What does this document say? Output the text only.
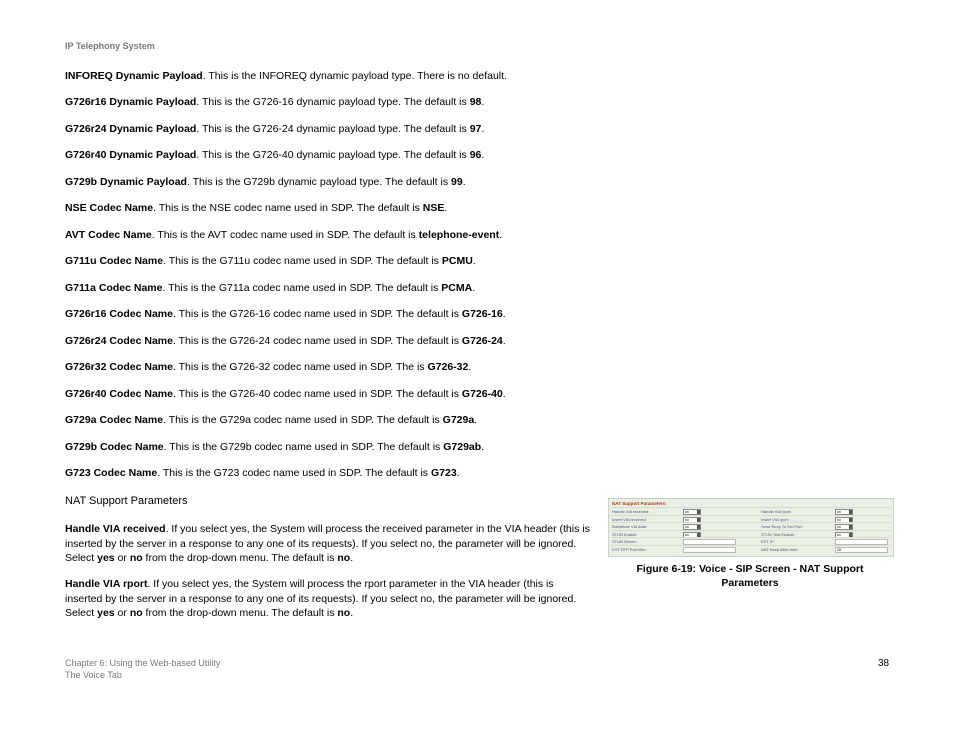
IP Telephony System
INFOREQ Dynamic Payload. This is the INFOREQ dynamic payload type. There is no default.
G726r16 Dynamic Payload. This is the G726-16 dynamic payload type. The default is 98.
G726r24 Dynamic Payload. This is the G726-24 dynamic payload type. The default is 97.
G726r40 Dynamic Payload. This is the G726-40 dynamic payload type. The default is 96.
G729b Dynamic Payload. This is the G729b dynamic payload type. The default is 99.
NSE Codec Name. This is the NSE codec name used in SDP. The default is NSE.
AVT Codec Name. This is the AVT codec name used in SDP. The default is telephone-event.
G711u Codec Name. This is the G711u codec name used in SDP. The default is PCMU.
G711a Codec Name. This is the G711a codec name used in SDP. The default is PCMA.
G726r16 Codec Name. This is the G726-16 codec name used in SDP. The default is G726-16.
G726r24 Codec Name. This is the G726-24 codec name used in SDP. The default is G726-24.
G726r32 Codec Name. This is the G726-32 codec name used in SDP. The is G726-32.
G726r40 Codec Name. This is the G726-40 codec name used in SDP. The default is G726-40.
G729a Codec Name. This is the G729a codec name used in SDP. The default is G729a.
G729b Codec Name. This is the G729b codec name used in SDP. The default is G729ab.
G723 Codec Name. This is the G723 codec name used in SDP. The default is G723.
NAT Support Parameters
Handle VIA received. If you select yes, the System will process the received parameter in the VIA header (this is inserted by the server in a response to any one of its requests). If you select no, the parameter will be ignored. Select yes or no from the drop-down menu. The default is no.
Handle VIA rport. If you select yes, the System will process the rport parameter in the VIA header (this is inserted by the server in a response to any one of its requests). If you select no, the parameter will be ignored. Select yes or no from the drop-down menu. The default is no.
NAT Support Parameters:
Handle VIA received:	no	Handle VIA rport:	no
Insert VIA received:	no	Insert VIA rport:	no
Substitute VIA Addr:	no	Send Resp To Src Port:	no
STUN Enable:	no	STUN Test Enable:	no
STUN Server:	EXT IP:
EXT RTP Port Min:	NAT Keep Alive Intvl:	15
Figure 6-19: Voice - SIP Screen - NAT Support Parameters
Chapter 6: Using the Web-based Utility
The Voice Tab
38
